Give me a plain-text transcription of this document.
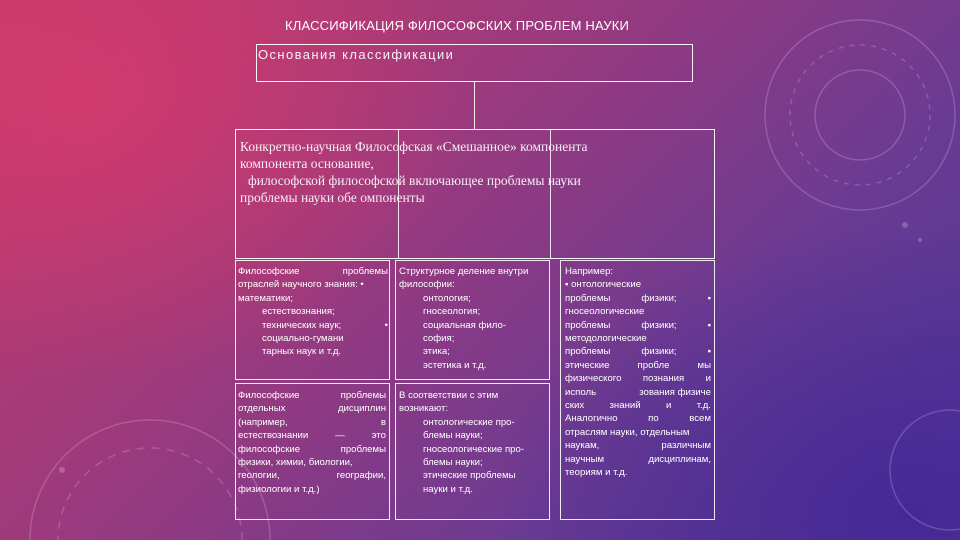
КЛАССИФИКАЦИЯ ФИЛОСОФСКИХ ПРОБЛЕМ НАУКИ
Основания классификации
Конкретно-научная Философская «Смешанное» компонента
компонента основание,
философской философской включающее проблемы науки
проблемы науки обе омпоненты
Философские	проблемы
отраслей научного знания: •
математики;
естествознания;
технических наук;	•
социально-гумани
тарных наук и т.д.
Структурное деление внутри
философии:
онтология;
гносеология;
социальная фило-
софия;
этика;
эстетика и т.д.
Философские	проблемы
отдельных	дисциплин
(например,	в
естествознании	—	это
философские	проблемы
физики, химии, биологии,
геологии,	географии,
физиологии и т.д.)
В соответствии с этим
возникают:
онтологические про-
блемы науки;
гносеологические про-
блемы науки;
этические проблемы
науки и т.д.
Например:
▪ онтологические
проблемы	физики;	▪
гносеологические
проблемы	физики;	▪
методологические
проблемы	физики;	▪
этические	пробле	мы
физического познания и
исполь	зования физиче
ских	знаний	и	т.д.
Аналогично	по	всем
отраслям науки, отдельным
наукам,	различным
научным	дисциплинам,
теориям и т.д.
